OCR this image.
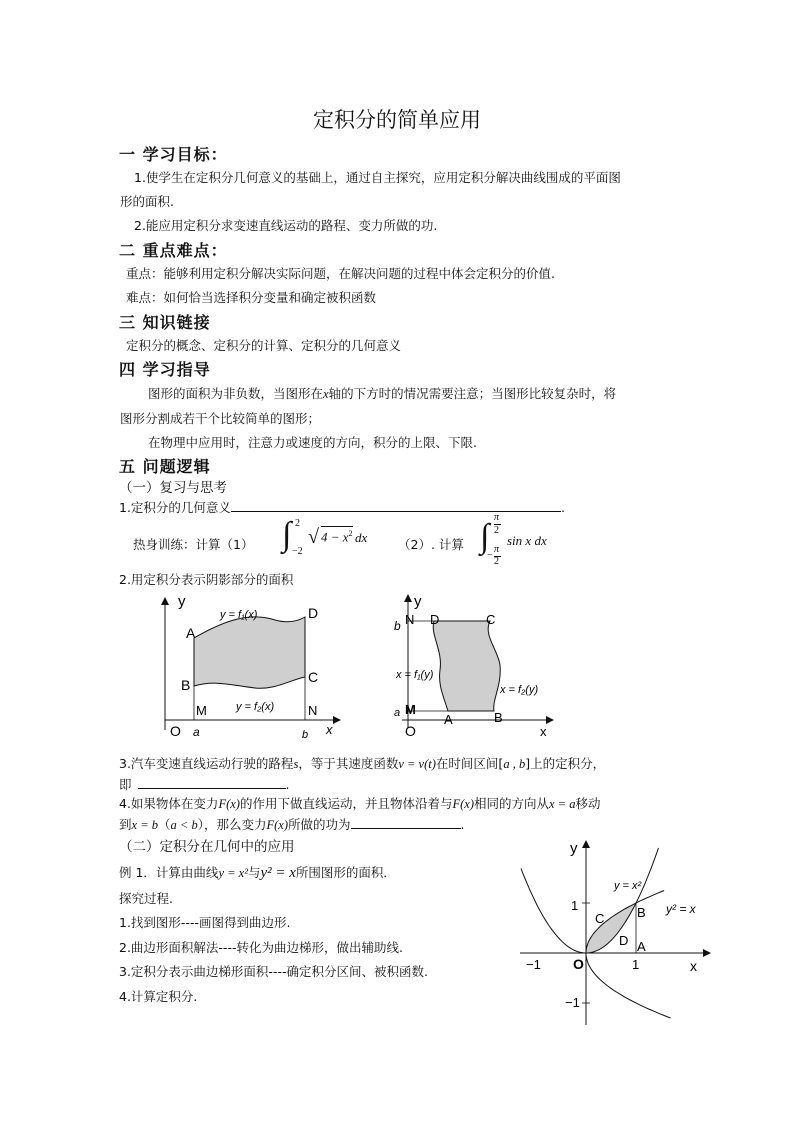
定积分的简单应用
一 学习目标：
1.使学生在定积分几何意义的基础上，通过自主探究，应用定积分解决曲线围成的平面图
形的面积.
2.能应用定积分求变速直线运动的路程、变力所做的功.
二 重点难点：
重点：能够利用定积分解决实际问题，在解决问题的过程中体会定积分的价值.
难点：如何恰当选择积分变量和确定被积函数
三 知识链接
定积分的概念、定积分的计算、定积分的几何意义
四 学习指导
图形的面积为非负数，当图形在x轴的下方时的情况需要注意；当图形比较复杂时，将
图形分割成若干个比较简单的图形；
在物理中应用时，注意力或速度的方向，积分的上限、下限.
五 问题逻辑
（一）复习与思考
1.定积分的几何意义	.
热身训练：计算（1） ∫ 2
−2
√ $4 - x^2$ dx （2）. 计算 ∫
π
2
−
π
2
sin x dx
2.用定积分表示阴影部分的面积
y
x
O
A
B	C
D
M	N
a	b
y = f₁(x)
y = f₂(x)
y
x
O
b N D	C
a M
A	B
x = f₁(y)
x = f₂(y)
3.汽车变速直线运动行驶的路程s，等于其速度函数v = v(t)在时间区间[a , b]上的定积分，
即	.
4.如果物体在变力F(x)的作用下做直线运动，并且物体沿着与F(x)相同的方向从x = a移动
到x = b（a < b），那么变力F(x)所做的功为	.
（二）定积分在几何中的应用
例 1．计算由曲线y = x²与y² = x所围图形的面积．
探究过程.
1.找到图形----画图得到曲边形.
2.曲边形面积解法----转化为曲边梯形，做出辅助线.
3.定积分表示曲边梯形面积----确定积分区间、被积函数.
4.计算定积分.
y
x
O
1
−1
1
−1
A
B
C
D
y = x²
y² = x
